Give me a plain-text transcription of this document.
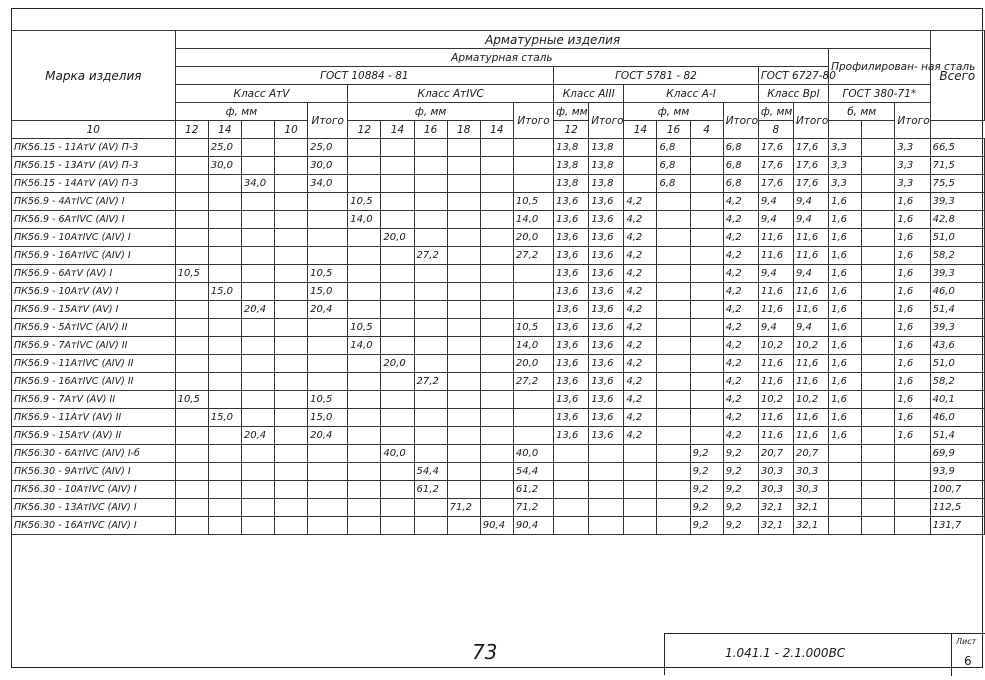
Марка изделия	Арматурные изделия																						Всего
	Арматурная сталь																			Профилирован- ная сталь			
	ГОСТ 10884 - 81											ГОСТ 5781 - 82						ГОСТ 6727-80					
	Класс АтV					Класс АтIVС						Класс АIII		Класс А-I				Класс ВрI		ГОСТ 380-71*			
	ф, мм				Итого	ф, мм					Итого	ф, мм	Итого	ф, мм			Итого	ф, мм	Итого	б, мм		Итого	
10	12	14		10		12	14	16	18	14		12		14	16	4		8					
ПК56.15 - 11АтV (АV) П-3		25,0			25,0							13,8	13,8		6,8		6,8	17,6	17,6	3,3		3,3	66,5
ПК56.15 - 13АтV (АV) П-3		30,0			30,0							13,8	13,8		6,8		6,8	17,6	17,6	3,3		3,3	71,5
ПК56.15 - 14АтV (АV) П-3			34,0		34,0							13,8	13,8		6,8		6,8	17,6	17,6	3,3		3,3	75,5
ПК56.9 - 4АтIVС (АIV) I						10,5					10,5	13,6	13,6	4,2			4,2	9,4	9,4	1,6		1,6	39,3
ПК56.9 - 6АтIVС (АIV) I						14,0					14,0	13,6	13,6	4,2			4,2	9,4	9,4	1,6		1,6	42,8
ПК56.9 - 10АтIVС (АIV) I							20,0				20,0	13,6	13,6	4,2			4,2	11,6	11,6	1,6		1,6	51,0
ПК56.9 - 16АтIVС (АIV) I								27,2			27,2	13,6	13,6	4,2			4,2	11,6	11,6	1,6		1,6	58,2
ПК56.9 - 6АтV (АV) I	10,5				10,5							13,6	13,6	4,2			4,2	9,4	9,4	1,6		1,6	39,3
ПК56.9 - 10АтV (АV) I		15,0			15,0							13,6	13,6	4,2			4,2	11,6	11,6	1,6		1,6	46,0
ПК56.9 - 15АтV (АV) I			20,4		20,4							13,6	13,6	4,2			4,2	11,6	11,6	1,6		1,6	51,4
ПК56.9 - 5АтIVС (АIV) II						10,5					10,5	13,6	13,6	4,2			4,2	9,4	9,4	1,6		1,6	39,3
ПК56.9 - 7АтIVС (АIV) II						14,0					14,0	13,6	13,6	4,2			4,2	10,2	10,2	1,6		1,6	43,6
ПК56.9 - 11АтIVС (АIV) II							20,0				20,0	13,6	13,6	4,2			4,2	11,6	11,6	1,6		1,6	51,0
ПК56.9 - 16АтIVС (АIV) II								27,2			27,2	13,6	13,6	4,2			4,2	11,6	11,6	1,6		1,6	58,2
ПК56.9 - 7АтV (АV) II	10,5				10,5							13,6	13,6	4,2			4,2	10,2	10,2	1,6		1,6	40,1
ПК56.9 - 11АтV (АV) II		15,0			15,0							13,6	13,6	4,2			4,2	11,6	11,6	1,6		1,6	46,0
ПК56.9 - 15АтV (АV) II			20,4		20,4							13,6	13,6	4,2			4,2	11,6	11,6	1,6		1,6	51,4
ПК56.30 - 6АтIVС (АIV) I-б							40,0				40,0					9,2	9,2	20,7	20,7				69,9
ПК56.30 - 9АтIVС (АIV) I								54,4			54,4					9,2	9,2	30,3	30,3				93,9
ПК56.30 - 10АтIVС (АIV) I								61,2			61,2					9,2	9,2	30,3	30,3				100,7
ПК56.30 - 13АтIVС (АIV) I									71,2		71,2					9,2	9,2	32,1	32,1				112,5
ПК56.30 - 16АтIVС (АIV) I										90,4	90,4					9,2	9,2	32,1	32,1				131,7
73	1.041.1 - 2.1.000ВС
Лист
6
